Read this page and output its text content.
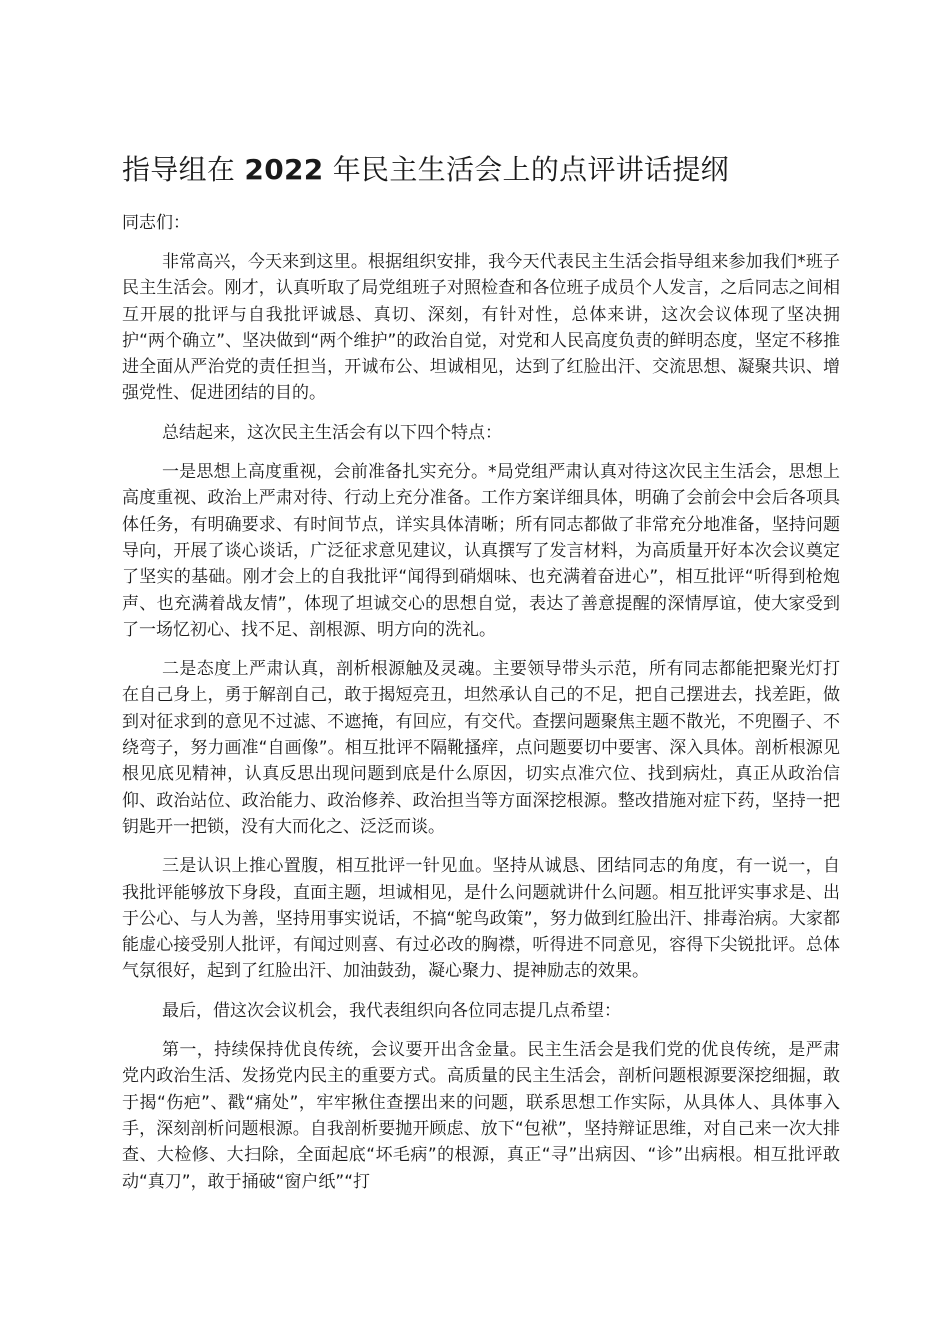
指导组在 2022 年民主生活会上的点评讲话提纲

同志们：

非常高兴，今天来到这里。根据组织安排，我今天代表民主生活会指导组来参加我们*班子民主生活会。刚才，认真听取了局党组班子对照检查和各位班子成员个人发言，之后同志之间相互开展的批评与自我批评诚恳、真切、深刻，有针对性，总体来讲，这次会议体现了坚决拥护“两个确立”、坚决做到“两个维护”的政治自觉，对党和人民高度负责的鲜明态度，坚定不移推进全面从严治党的责任担当，开诚布公、坦诚相见，达到了红脸出汗、交流思想、凝聚共识、增强党性、促进团结的目的。

总结起来，这次民主生活会有以下四个特点：

一是思想上高度重视，会前准备扎实充分。*局党组严肃认真对待这次民主生活会，思想上高度重视、政治上严肃对待、行动上充分准备。工作方案详细具体，明确了会前会中会后各项具体任务，有明确要求、有时间节点，详实具体清晰；所有同志都做了非常充分地准备，坚持问题导向，开展了谈心谈话，广泛征求意见建议，认真撰写了发言材料，为高质量开好本次会议奠定了坚实的基础。刚才会上的自我批评“闻得到硝烟味、也充满着奋进心”，相互批评“听得到枪炮声、也充满着战友情”，体现了坦诚交心的思想自觉，表达了善意提醒的深情厚谊，使大家受到了一场忆初心、找不足、剖根源、明方向的洗礼。

二是态度上严肃认真，剖析根源触及灵魂。主要领导带头示范，所有同志都能把聚光灯打在自己身上，勇于解剖自己，敢于揭短亮丑，坦然承认自己的不足，把自己摆进去，找差距，做到对征求到的意见不过滤、不遮掩，有回应，有交代。查摆问题聚焦主题不散光，不兜圈子、不绕弯子，努力画准“自画像”。相互批评不隔靴搔痒，点问题要切中要害、深入具体。剖析根源见根见底见精神，认真反思出现问题到底是什么原因，切实点准穴位、找到病灶，真正从政治信仰、政治站位、政治能力、政治修养、政治担当等方面深挖根源。整改措施对症下药，坚持一把钥匙开一把锁，没有大而化之、泛泛而谈。

三是认识上推心置腹，相互批评一针见血。坚持从诚恳、团结同志的角度，有一说一，自我批评能够放下身段，直面主题，坦诚相见，是什么问题就讲什么问题。相互批评实事求是、出于公心、与人为善，坚持用事实说话，不搞“鸵鸟政策”，努力做到红脸出汗、排毒治病。大家都能虚心接受别人批评，有闻过则喜、有过必改的胸襟，听得进不同意见，容得下尖锐批评。总体气氛很好，起到了红脸出汗、加油鼓劲，凝心聚力、提神励志的效果。

最后，借这次会议机会，我代表组织向各位同志提几点希望：

第一，持续保持优良传统，会议要开出含金量。民主生活会是我们党的优良传统，是严肃党内政治生活、发扬党内民主的重要方式。高质量的民主生活会，剖析问题根源要深挖细掘，敢于揭“伤疤”、戳“痛处”，牢牢揪住查摆出来的问题，联系思想工作实际，从具体人、具体事入手，深刻剖析问题根源。自我剖析要抛开顾虑、放下“包袱”，坚持辩证思维，对自己来一次大排查、大检修、大扫除，全面起底“坏毛病”的根源，真正“寻”出病因、“诊”出病根。相互批评敢动“真刀”，敢于捅破“窗户纸”“打
